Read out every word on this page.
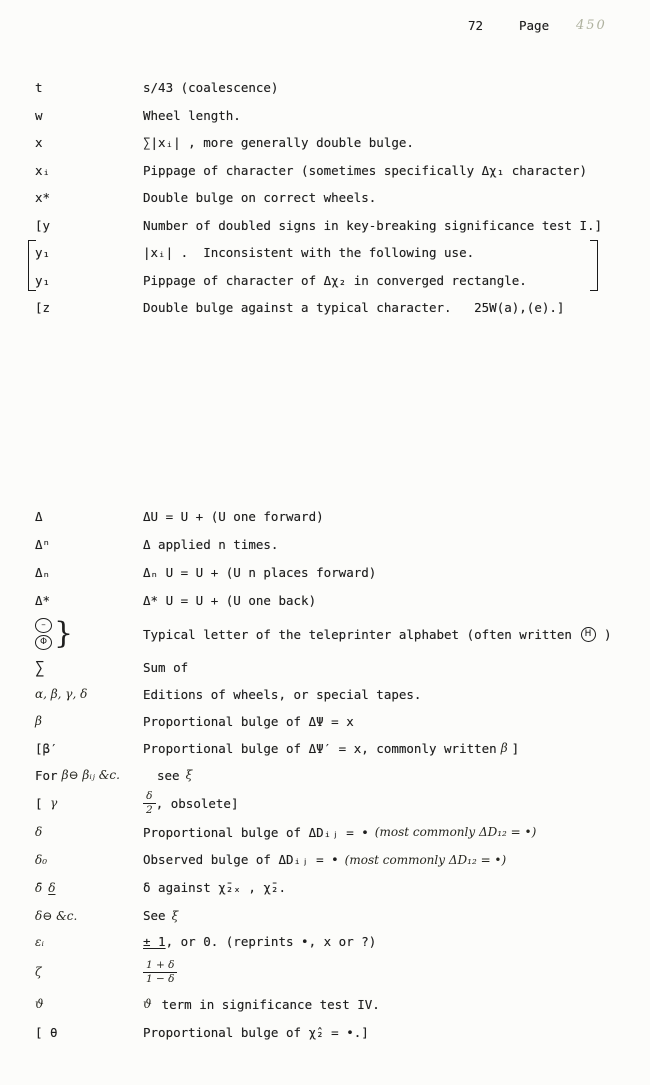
72	Page 450
t	s/43 (coalescence)
w	Wheel length.
x	∑|xᵢ| , more generally double bulge.
xᵢ	Pippage of character (sometimes specifically Δχ₁ character)
x*	Double bulge on correct wheels.
[y	Number of doubled signs in key-breaking significance test I.]
y₁	|xᵢ| .  Inconsistent with the following use.
y₁	Pippage of character of Δχ₂ in converged rectangle.
[z	Double bulge against a typical character.   25W(a),(e).]
Δ	ΔU = U + (U one forward)
Δⁿ	Δ applied n times.
Δₙ	Δₙ U = U + (U n places forward)
Δ*	Δ* U = U + (U one back)
–
Φ }	Typical letter of the teleprinter alphabet (often written H )
∑	Sum of
α, β, γ, δ	Editions of wheels, or special tapes.
β	Proportional bulge of ΔΨ = x
[β′	Proportional bulge of ΔΨ′ = x, commonly written β ]
For β⊖ βᵢⱼ &c.	see ξ
[ γ	$\frac{\delta}{2}$ , obsolete]
δ	Proportional bulge of ΔDᵢⱼ = • (most commonly ΔD₁₂ = •)
δ₀	Observed bulge of ΔDᵢⱼ = • (most commonly ΔD₁₂ = •)
δ̄ δ	δ against χ̄₂ₓ , χ̄₂.
δ⊖ &c.	See ξ
εᵢ	± 1 , or 0. (reprints •, x or ?)
ζ	$\frac{1 + \delta}{1 - \delta}$
ϑ	ϑ term in significance test IV.
[ θ	Proportional bulge of χ̂₂ = •.]
